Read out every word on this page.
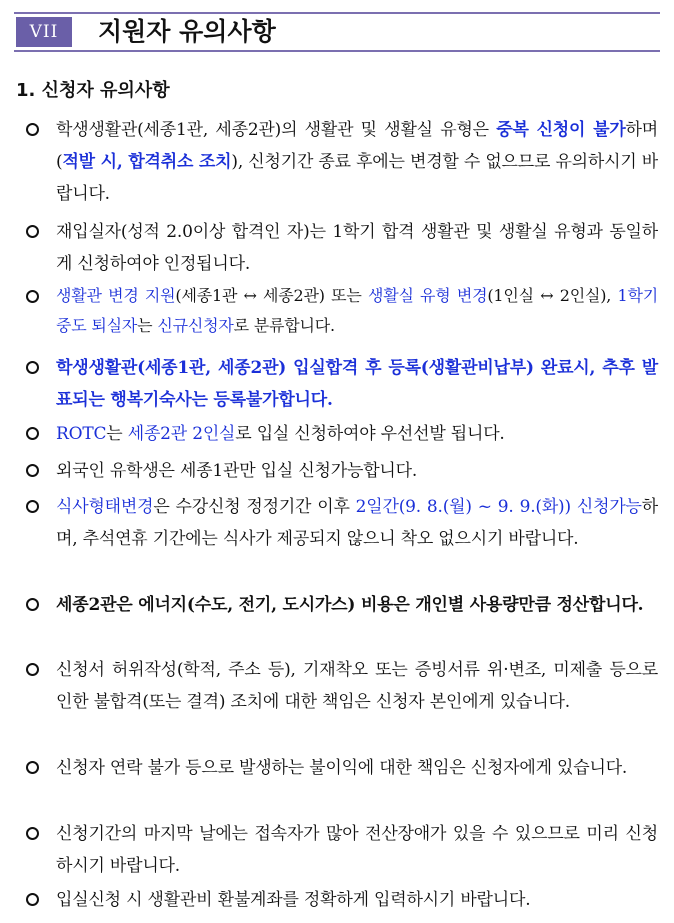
VII	지원자 유의사항
1. 신청자 유의사항
학생생활관(세종1관, 세종2관)의 생활관 및 생활실 유형은 중복 신청이 불가하며(적발 시, 합격취소 조치), 신청기간 종료 후에는 변경할 수 없으므로 유의하시기 바랍니다.
재입실자(성적 2.0이상 합격인 자)는 1학기 합격 생활관 및 생활실 유형과 동일하게 신청하여야 인정됩니다.
생활관 변경 지원(세종1관 ↔ 세종2관) 또는 생활실 유형 변경(1인실 ↔ 2인실), 1학기 중도 퇴실자는 신규신청자로 분류합니다.
학생생활관(세종1관, 세종2관) 입실합격 후 등록(생활관비납부) 완료시, 추후 발표되는 행복기숙사는 등록불가합니다.
ROTC는 세종2관 2인실로 입실 신청하여야 우선선발 됩니다.
외국인 유학생은 세종1관만 입실 신청가능합니다.
식사형태변경은 수강신청 정정기간 이후 2일간(9. 8.(월) ~ 9. 9.(화)) 신청가능하며, 추석연휴 기간에는 식사가 제공되지 않으니 착오 없으시기 바랍니다.
세종2관은 에너지(수도, 전기, 도시가스) 비용은 개인별 사용량만큼 정산합니다.
신청서 허위작성(학적, 주소 등), 기재착오 또는 증빙서류 위·변조, 미제출 등으로 인한 불합격(또는 결격) 조치에 대한 책임은 신청자 본인에게 있습니다.
신청자 연락 불가 등으로 발생하는 불이익에 대한 책임은 신청자에게 있습니다.
신청기간의 마지막 날에는 접속자가 많아 전산장애가 있을 수 있으므로 미리 신청하시기 바랍니다.
입실신청 시 생활관비 환불계좌를 정확하게 입력하시기 바랍니다.
